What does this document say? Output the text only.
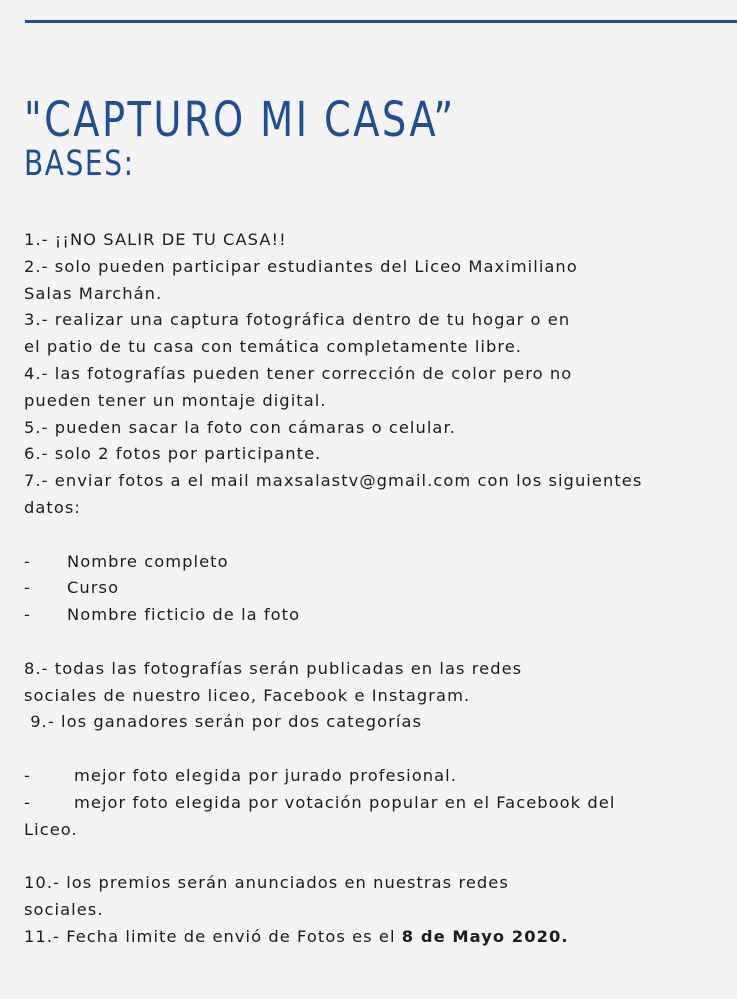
"CAPTURO MI CASA”
BASES:
1.- ¡¡NO SALIR DE TU CASA!!
2.- solo pueden participar estudiantes del Liceo Maximiliano
Salas Marchán.
3.- realizar una captura fotográfica dentro de tu hogar o en
el patio de tu casa con temática completamente libre.
4.- las fotografías pueden tener corrección de color pero no
pueden tener un montaje digital.
5.- pueden sacar la foto con cámaras o celular.
6.- solo 2 fotos por participante.
7.- enviar fotos a el mail maxsalastv@gmail.com con los siguientes
datos:
- Nombre completo
- Curso
- Nombre ficticio de la foto
8.- todas las fotografías serán publicadas en las redes
sociales de nuestro liceo, Facebook e Instagram.
9.- los ganadores serán por dos categorías
-	mejor foto elegida por jurado profesional.
-	mejor foto elegida por votación popular en el Facebook del
Liceo.
10.- los premios serán anunciados en nuestras redes
sociales.
11.- Fecha limite de envió de Fotos es el 8 de Mayo 2020.
